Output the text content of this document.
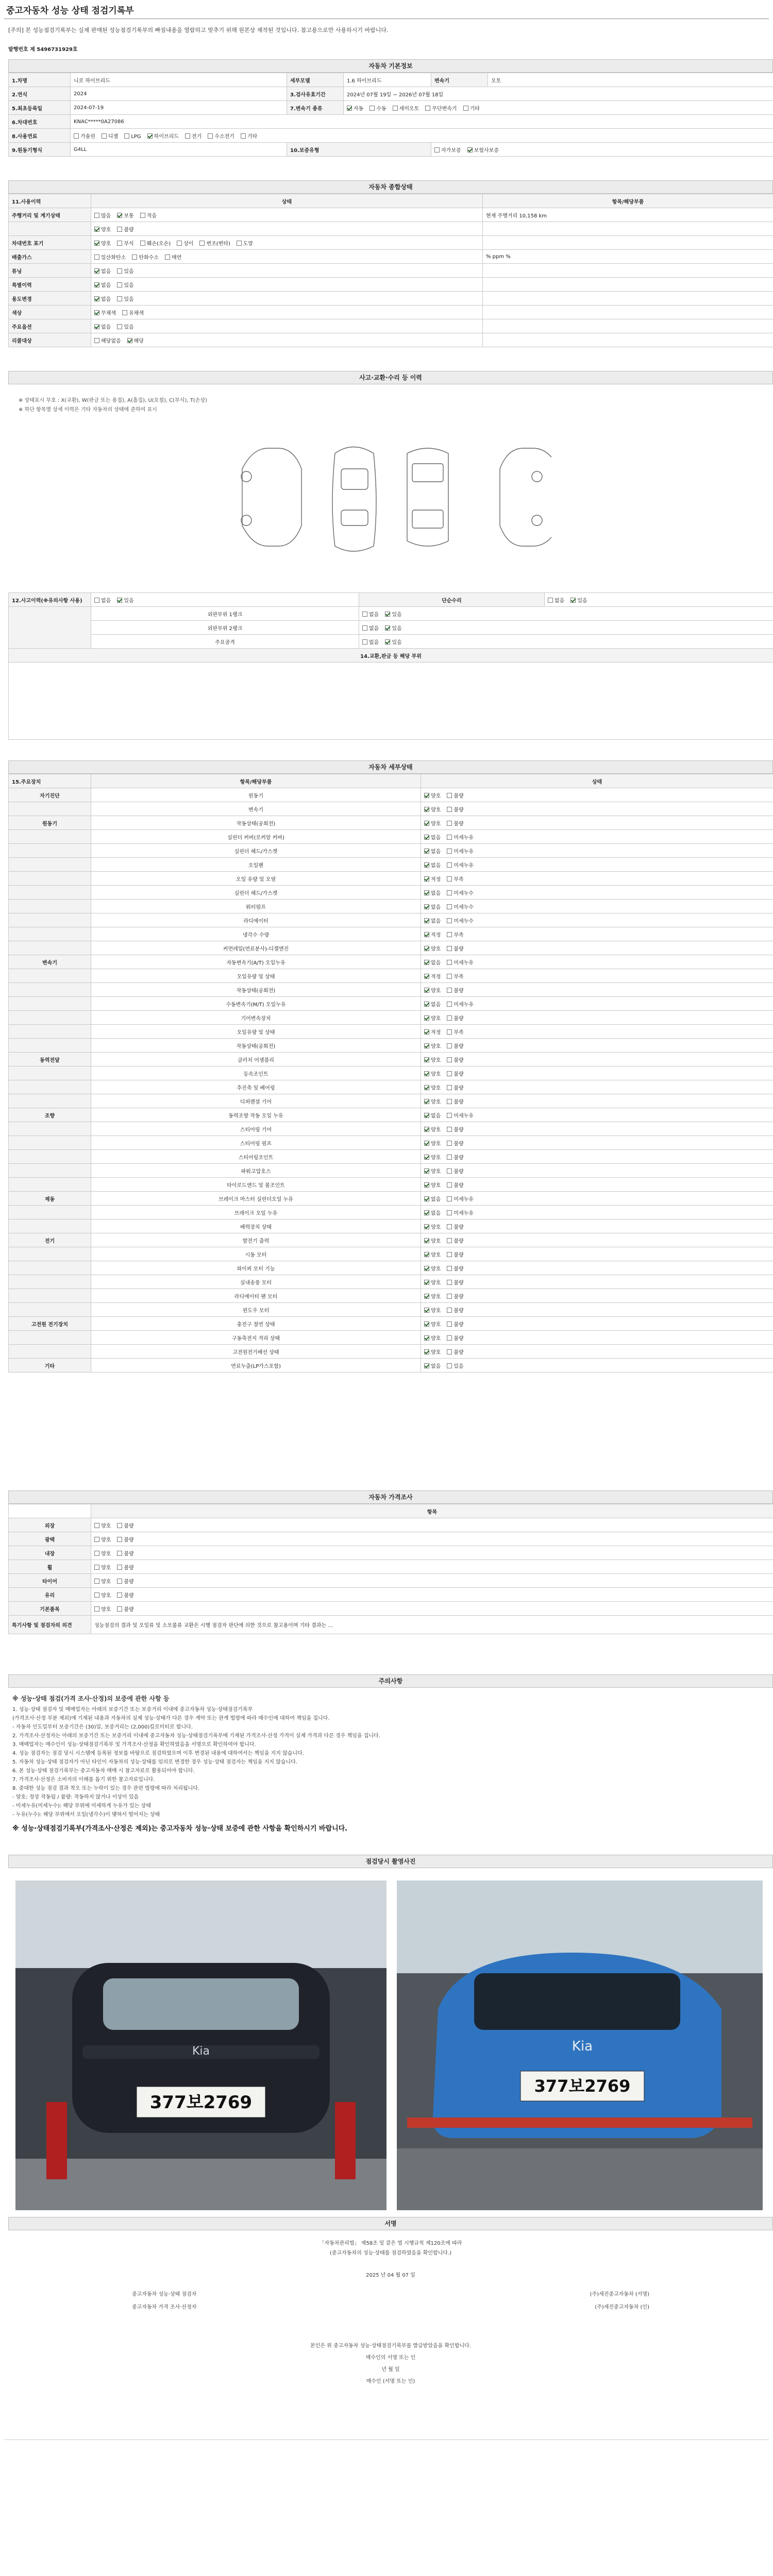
중고자동차 성능 상태 점검기록부
[주의] 본 성능점검기록부는 실제 판매된 성능점검기록부의 빠짐내용을 열람하고 맞추기 위해 원본상 제작된 것입니다. 참고용으로만 사용하시기 바랍니다.
발행번호 제 5496731929호
자동차 기본정보
1.차명	니로 하이브리드	세부모델	1.6 하이브리드	변속기	오토
2.연식	2024	3.검사유효기간	2024년 07월 19일 ~ 2026년 07월 18일		
5.최초등록일	2024-07-19	7.변속기 종류	자동 수동 세미오토 무단변속기 기타		
6.차대번호	KNAC*****0A27086				
8.사용연료	가솔린 디젤 LPG 하이브리드 전기 수소전기 기타				
9.원동기형식	G4LL	10.보증유형		자가보증 보험사보증	
자동차 종합상태
11.사용이력	상태	항목/해당부품
주행거리 및 계기상태	많음 보통 적음	현재 주행거리 10,158 km
	양호 불량	
차대번호 표기	양호 부식 훼손(오손) 상이 변조(변타) 도말	
배출가스	일산화탄소 탄화수소 매연	% ppm %
튜닝	없음 있음	
특별이력	없음 있음	
용도변경	없음 있음	
색상	무채색 유채색	
주요옵션	없음 있음	
리콜대상	해당없음 해당	
사고·교환·수리 등 이력
※ 상태표시 부호 : X(교환), W(판금 또는 용접), A(흠집), U(요철), C(부식), T(손상)
※ 하단 항목별 상세 이력은 기타 자동차의 상태에 준하여 표시
12.사고이력(※유의사항 사용)	없음 있음	단순수리	없음 있음
	외판부위 1랭크	없음 있음	
	외판부위 2랭크	없음 있음	
	주요골격	없음 있음	
14.교환,판금 등 해당 부위			

자동차 세부상태
15.주요장치	항목/해당부품	상태
자기진단	원동기	양호 불량
	변속기	양호 불량
원동기	작동상태(공회전)	양호 불량
	실린더 커버(로커암 커버)	없음 미세누유
	실린더 헤드/가스켓	없음 미세누유
	오일팬	없음 미세누유
	오일 유량 및 오염	적정 부족
	실린더 헤드/가스켓	없음 미세누수
	워터펌프	없음 미세누수
	라디에이터	없음 미세누수
	냉각수 수량	적정 부족
	커먼레일(연료분사)-디젤엔진	양호 불량
변속기	자동변속기(A/T) 오일누유	없음 미세누유
	오일유량 및 상태	적정 부족
	작동상태(공회전)	양호 불량
	수동변속기(M/T) 오일누유	없음 미세누유
	기어변속장치	양호 불량
	오일유량 및 상태	적정 부족
	작동상태(공회전)	양호 불량
동력전달	클러치 어셈블리	양호 불량
	등속조인트	양호 불량
	추진축 및 베어링	양호 불량
	디퍼렌셜 기어	양호 불량
조향	동력조향 작동 오일 누유	없음 미세누유
	스티어링 기어	양호 불량
	스티어링 펌프	양호 불량
	스티어링조인트	양호 불량
	파워고압호스	양호 불량
	타이로드엔드 및 볼조인트	양호 불량
제동	브레이크 마스터 실린더오일 누유	없음 미세누유
	브레이크 오일 누유	없음 미세누유
	배력장치 상태	양호 불량
전기	발전기 출력	양호 불량
	시동 모터	양호 불량
	와이퍼 모터 기능	양호 불량
	실내송풍 모터	양호 불량
	라디에이터 팬 모터	양호 불량
	윈도우 모터	양호 불량
고전원 전기장치	충전구 절연 상태	양호 불량
	구동축전지 격리 상태	양호 불량
	고전원전기배선 상태	양호 불량
기타	연료누출(LP가스포함)	없음 있음
자동차 가격조사
	항목
외장	양호 불량
광택	양호 불량
내장	양호 불량
휠	양호 불량
타이어	양호 불량
유리	양호 불량
기본품목	양호 불량
특기사항 및 점검자의 의견	성능점검의 결과 및 오일류 및 소모품류 교환은 시행 점검자 판단에 의한 것으로 참고용이며 기타 결과는 ...
주의사항
※ 성능·상태 점검(가격 조사·산정)의 보증에 관한 사항 등
1. 성능·상태 점검자 및 매매업자는 아래의 보증기간 또는 보증거리 이내에 중고자동차 성능·상태점검기록부
(가격조사·산정 부분 제외)에 기재된 내용과 자동차의 실제 성능·상태가 다른 경우 계약 또는 관계 법령에 따라 매수인에 대하여 책임을 집니다.
- 자동차 인도일부터 보증기간은 (30)일, 보증거리는 (2,000)킬로미터로 합니다.
2. 가격조사·산정자는 아래의 보증기간 또는 보증거리 이내에 중고자동차 성능·상태점검기록부에 기재된 가격조사·산정 가격이 실제 가격과 다른 경우 책임을 집니다.
3. 매매업자는 매수인이 성능·상태점검기록부 및 가격조사·산정을 확인하였음을 서명으로 확인하여야 합니다.
4. 성능 점검자는 점검 당시 시스템에 등록된 정보를 바탕으로 점검하였으며 이후 변경된 내용에 대하여서는 책임을 지지 않습니다.
5. 자동차 성능·상태 점검자가 아닌 타인이 자동차의 성능·상태를 임의로 변경한 경우 성능·상태 점검자는 책임을 지지 않습니다.
6. 본 성능·상태 점검기록부는 중고자동차 매매 시 참고자료로 활용되어야 합니다.
7. 가격조사·산정은 소비자의 이해를 돕기 위한 참고자료입니다.
8. 중대한 성능 점검 결과 착오 또는 누락이 있는 경우 관련 법령에 따라 처리됩니다.
- 양호: 정상 작동됨 / 불량: 작동하지 않거나 이상이 있음
- 미세누유(미세누수): 해당 부위에 미세하게 누유가 있는 상태
- 누유(누수): 해당 부위에서 오일(냉각수)이 맺혀서 떨어지는 상태
※ 성능·상태점검기록부(가격조사·산정은 제외)는 중고자동차 성능·상태 보증에 관한 사항을 확인하시기 바랍니다.
점검당시 촬영사진
Kia
377보2769
Kia
377보2769
서명
「자동차관리법」 제58조 및 같은 법 시행규칙 제120조에 따라
(중고자동차의 성능·상태를 점검하였음을 확인합니다.)
2025 년 04 월 07 일
중고자동차 성능·상태 점검자	(주)세진중고자동차 (서명)
중고자동차 가격 조사·산정자	(주)세진중고자동차 (인)
본인은 위 중고자동차 성능·상태점검기록부를 발급받았음을 확인합니다.
매수인의 서명 또는 인
년 월 일
매수인 (서명 또는 인)
